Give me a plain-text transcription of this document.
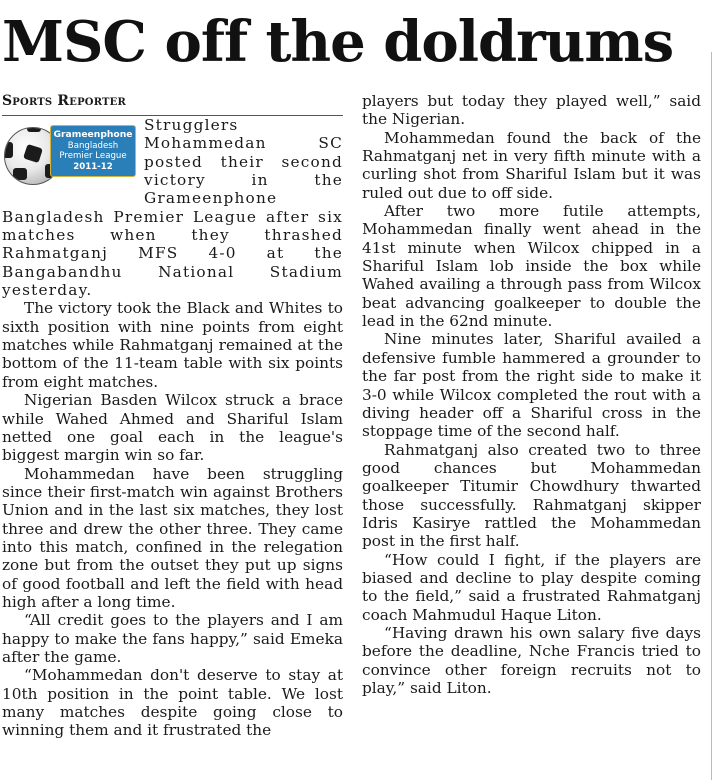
MSC off the doldrums
Sports Reporter
Grameenphone
Bangladesh
Premier League
2011-12

Strugglers Mohammedan SC posted their second victory in the Grameenphone Bangladesh Premier League after six matches when they thrashed Rahmatganj MFS 4-0 at the Bangabandhu National Stadium yesterday.

The victory took the Black and Whites to sixth position with nine points from eight matches while Rahmatganj remained at the bottom of the 11-team table with six points from eight matches.

Nigerian Basden Wilcox struck a brace while Wahed Ahmed and Shariful Islam netted one goal each in the league's biggest margin win so far.

Mohammedan have been struggling since their first-match win against Brothers Union and in the last six matches, they lost three and drew the other three. They came into this match, confined in the relegation zone but from the outset they put up signs of good football and left the field with head high after a long time.

“All credit goes to the players and I am happy to make the fans happy,” said Emeka after the game.

“Mohammedan don't deserve to stay at 10th position in the point table. We lost many matches despite going close to winning them and it frustrated the

players but today they played well,” said the Nigerian.

Mohammedan found the back of the Rahmatganj net in very fifth minute with a curling shot from Shariful Islam but it was ruled out due to off side.

After two more futile attempts, Mohammedan finally went ahead in the 41st minute when Wilcox chipped in a Shariful Islam lob inside the box while Wahed availing a through pass from Wilcox beat advancing goalkeeper to double the lead in the 62nd minute.

Nine minutes later, Shariful availed a defensive fumble hammered a grounder to the far post from the right side to make it 3-0 while Wilcox completed the rout with a diving header off a Shariful cross in the stoppage time of the second half.

Rahmatganj also created two to three good chances but Mohammedan goalkeeper Titumir Chowdhury thwarted those successfully. Rahmatganj skipper Idris Kasirye rattled the Mohammedan post in the first half.

“How could I fight, if the players are biased and decline to play despite coming to the field,” said a frustrated Rahmatganj coach Mahmudul Haque Liton.

“Having drawn his own salary five days before the deadline, Nche Francis tried to convince other foreign recruits not to play,” said Liton.
